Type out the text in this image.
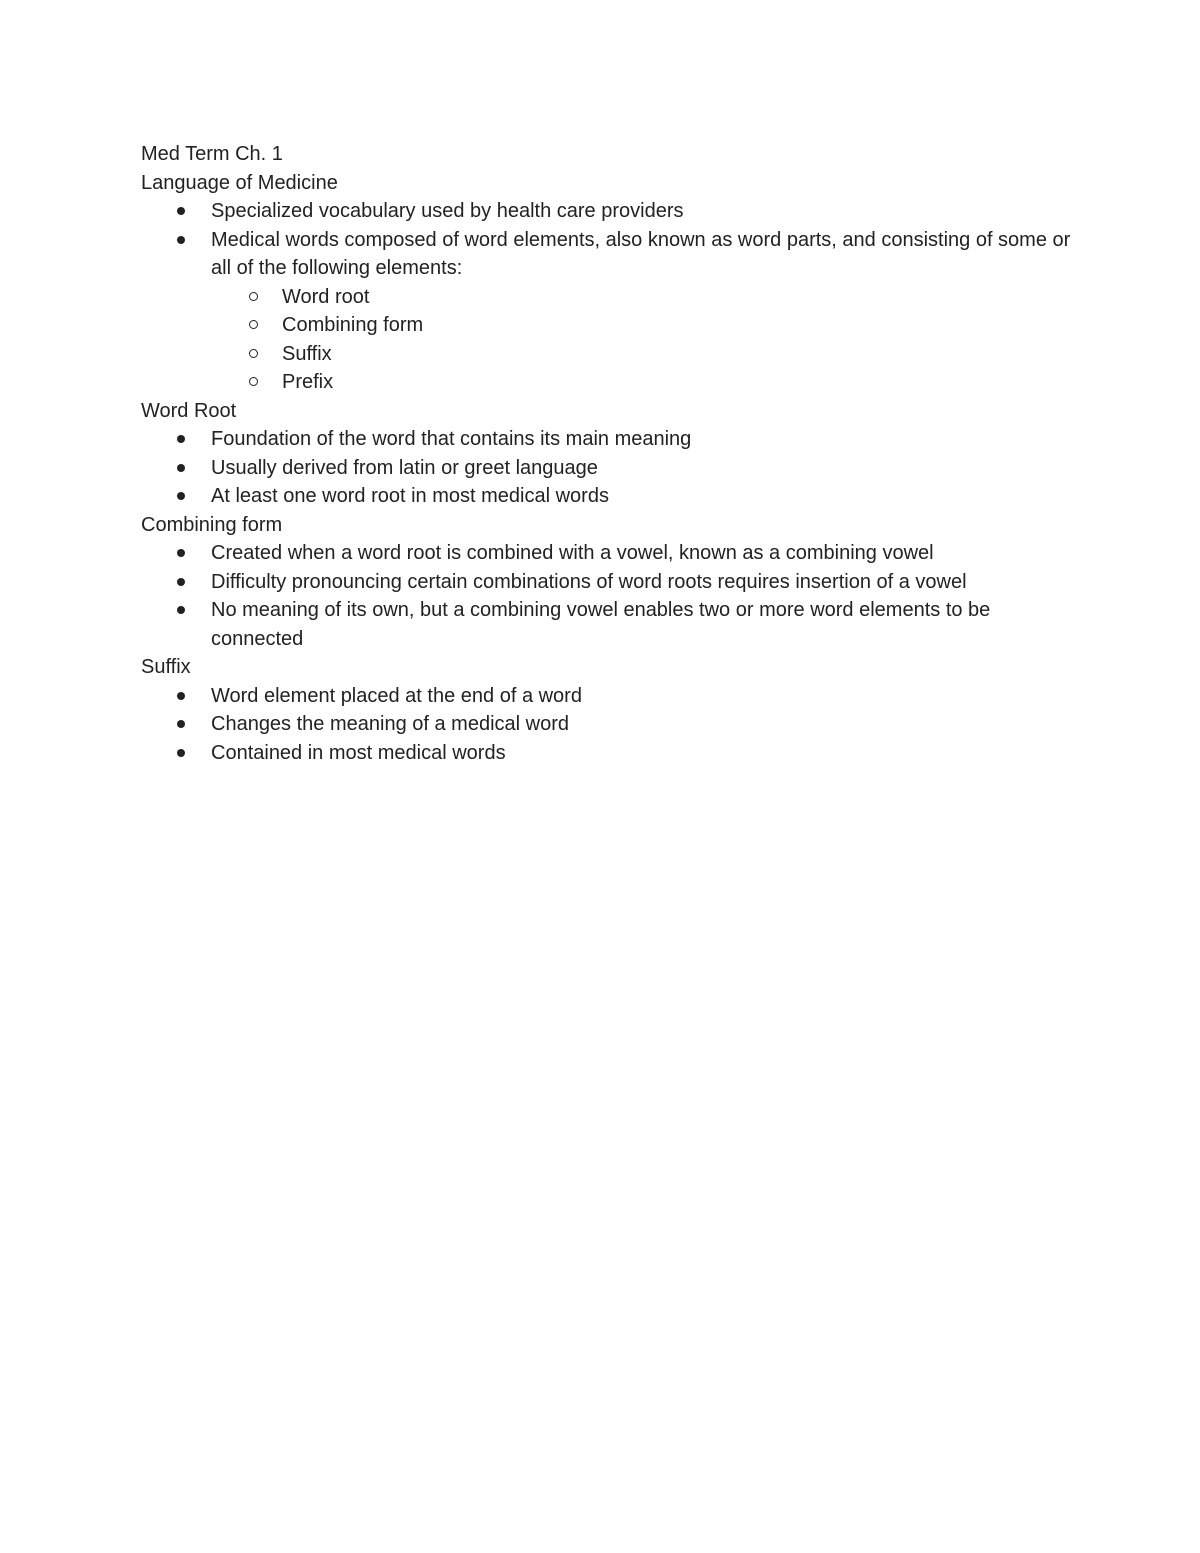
Med Term Ch. 1

Language of Medicine

Specialized vocabulary used by health care providers
Medical words composed of word elements, also known as word parts, and consisting of some or all of the following elements:
Word root
Combining form
Suffix
Prefix

Word Root

Foundation of the word that contains its main meaning
Usually derived from latin or greet language
At least one word root in most medical words

Combining form

Created when a word root is combined with a vowel, known as a combining vowel
Difficulty pronouncing certain combinations of word roots requires insertion of a vowel
No meaning of its own, but a combining vowel enables two or more word elements to be connected

Suffix

Word element placed at the end of a word
Changes the meaning of a medical word
Contained in most medical words
